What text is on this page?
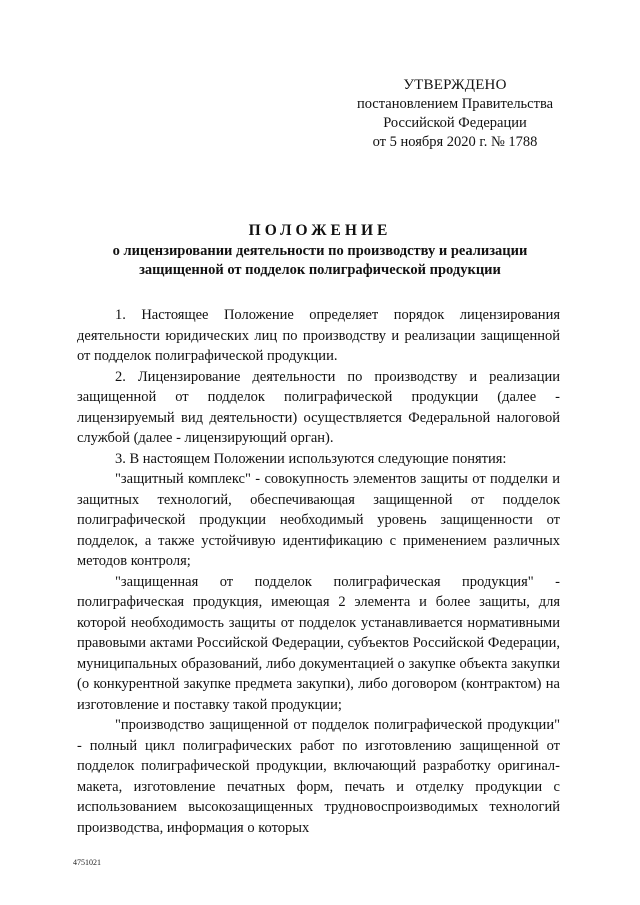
УТВЕРЖДЕНО
постановлением Правительства
Российской Федерации
от 5 ноября 2020 г. № 1788
ПОЛОЖЕНИЕ
о лицензировании деятельности по производству и реализации
защищенной от подделок полиграфической продукции

1. Настоящее Положение определяет порядок лицензирования деятельности юридических лиц по производству и реализации защищенной от подделок полиграфической продукции.

2. Лицензирование деятельности по производству и реализации защищенной от подделок полиграфической продукции (далее - лицензируемый вид деятельности) осуществляется Федеральной налоговой службой (далее - лицензирующий орган).

3. В настоящем Положении используются следующие понятия:

"защитный комплекс" - совокупность элементов защиты от подделки и защитных технологий, обеспечивающая защищенной от подделок полиграфической продукции необходимый уровень защищенности от подделок, а также устойчивую идентификацию с применением различных методов контроля;

"защищенная от подделок полиграфическая продукция" - полиграфическая продукция, имеющая 2 элемента и более защиты, для которой необходимость защиты от подделок устанавливается нормативными правовыми актами Российской Федерации, субъектов Российской Федерации, муниципальных образований, либо документацией о закупке объекта закупки (о конкурентной закупке предмета закупки), либо договором (контрактом) на изготовление и поставку такой продукции;

"производство защищенной от подделок полиграфической продукции" - полный цикл полиграфических работ по изготовлению защищенной от подделок полиграфической продукции, включающий разработку оригинал-макета, изготовление печатных форм, печать и отделку продукции с использованием высокозащищенных трудновоспроизводимых технологий производства, информация о которых

4751021
